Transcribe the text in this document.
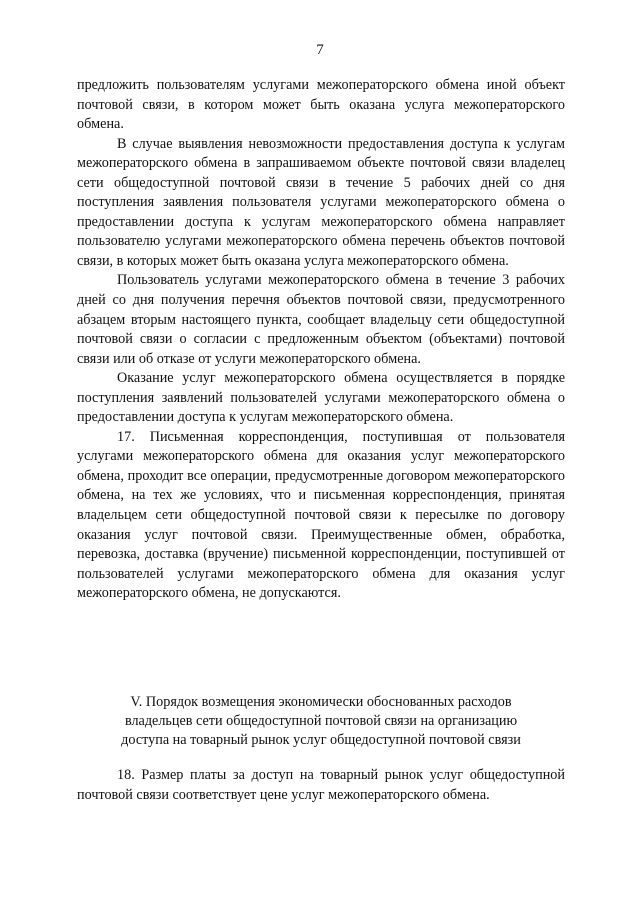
7

предложить пользователям услугами межоператорского обмена иной объект почтовой связи, в котором может быть оказана услуга межоператорского обмена.

В случае выявления невозможности предоставления доступа к услугам межоператорского обмена в запрашиваемом объекте почтовой связи владелец сети общедоступной почтовой связи в течение 5 рабочих дней со дня поступления заявления пользователя услугами межоператорского обмена о предоставлении доступа к услугам межоператорского обмена направляет пользователю услугами межоператорского обмена перечень объектов почтовой связи, в которых может быть оказана услуга межоператорского обмена.

Пользователь услугами межоператорского обмена в течение 3 рабочих дней со дня получения перечня объектов почтовой связи, предусмотренного абзацем вторым настоящего пункта, сообщает владельцу сети общедоступной почтовой связи о согласии с предложенным объектом (объектами) почтовой связи или об отказе от услуги межоператорского обмена.

Оказание услуг межоператорского обмена осуществляется в порядке поступления заявлений пользователей услугами межоператорского обмена о предоставлении доступа к услугам межоператорского обмена.

17. Письменная корреспонденция, поступившая от пользователя услугами межоператорского обмена для оказания услуг межоператорского обмена, проходит все операции, предусмотренные договором межоператорского обмена, на тех же условиях, что и письменная корреспонденция, принятая владельцем сети общедоступной почтовой связи к пересылке по договору оказания услуг почтовой связи. Преимущественные обмен, обработка, перевозка, доставка (вручение) письменной корреспонденции, поступившей от пользователей услугами межоператорского обмена для оказания услуг межоператорского обмена, не допускаются.

V. Порядок возмещения экономически обоснованных расходов
владельцев сети общедоступной почтовой связи на организацию
доступа на товарный рынок услуг общедоступной почтовой связи

18. Размер платы за доступ на товарный рынок услуг общедоступной почтовой связи соответствует цене услуг межоператорского обмена.
